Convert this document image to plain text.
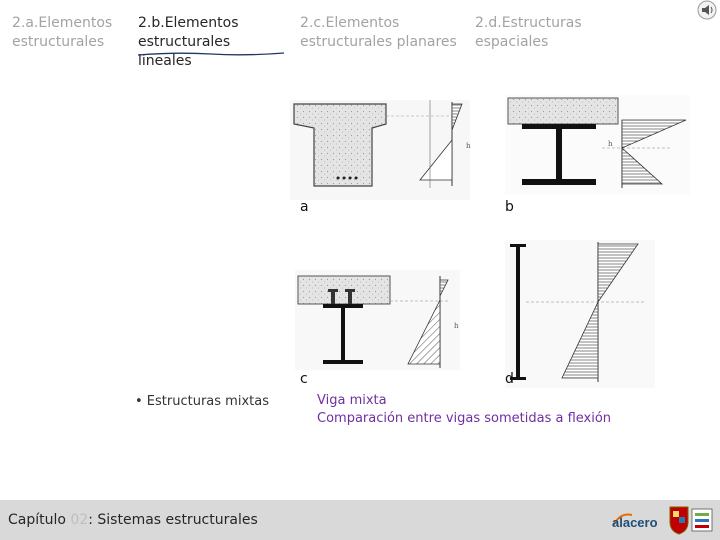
2.a.Elementos estructurales
2.b.Elementos estructurales lineales
2.c.Elementos estructurales planares
2.d.Estructuras espaciales
h	h
h
a	b
c	d
• Estructuras mixtas	Viga mixta
Comparación entre vigas sometidas a flexión
Capítulo 02: Sistemas estructurales	alacero
